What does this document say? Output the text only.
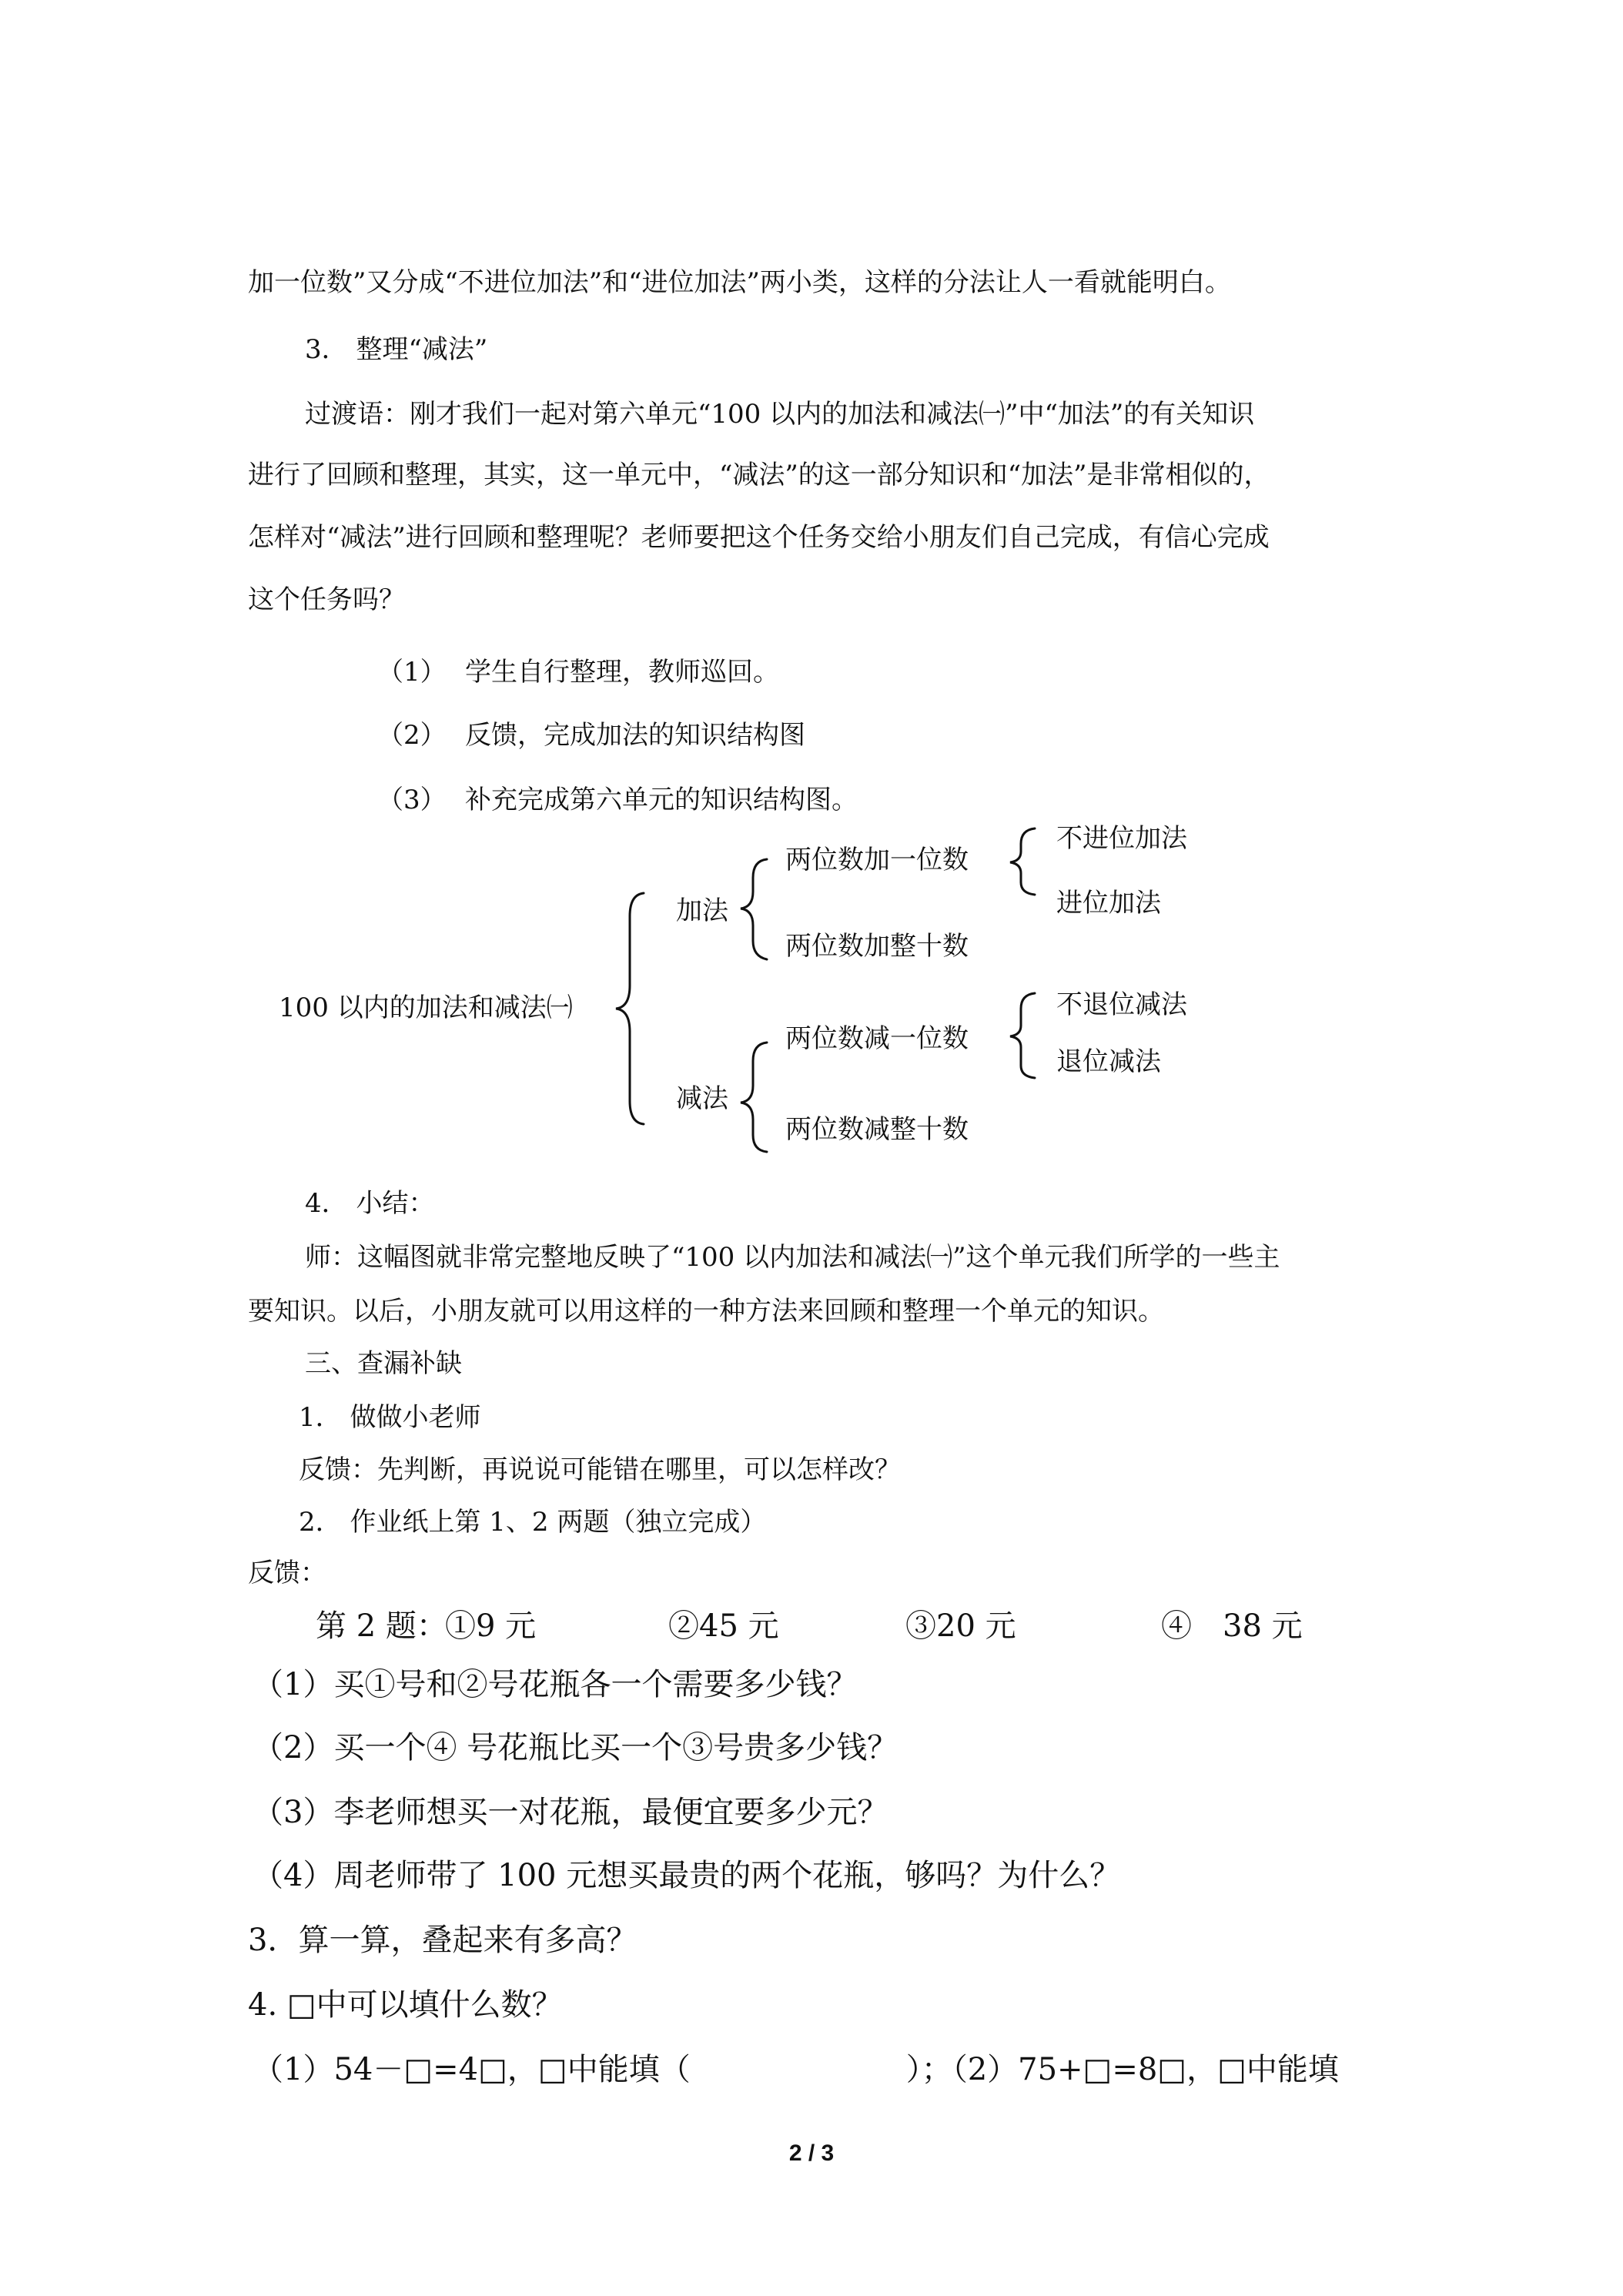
加一位数”又分成“不进位加法”和“进位加法”两小类，这样的分法让人一看就能明白。
3． 整理“减法”
过渡语：刚才我们一起对第六单元“100 以内的加法和减法㈠”中“加法”的有关知识
进行了回顾和整理，其实，这一单元中，“减法”的这一部分知识和“加法”是非常相似的，
怎样对“减法”进行回顾和整理呢？老师要把这个任务交给小朋友们自己完成，有信心完成
这个任务吗？
（1） 学生自行整理，教师巡回。
（2） 反馈，完成加法的知识结构图
（3） 补充完成第六单元的知识结构图。
100 以内的加法和减法㈠
加法
减法
两位数加一位数
两位数加整十数
两位数减一位数
两位数减整十数
不进位加法
进位加法
不退位减法
退位减法
4． 小结：
师：这幅图就非常完整地反映了“100 以内加法和减法㈠”这个单元我们所学的一些主
要知识。以后，小朋友就可以用这样的一种方法来回顾和整理一个单元的知识。
三、查漏补缺
1． 做做小老师
反馈：先判断，再说说可能错在哪里，可以怎样改？
2． 作业纸上第 1、2 两题（独立完成）
反馈：
第 2 题：
①9 元	②45 元	③20 元	④　38 元
（1）买①号和②号花瓶各一个需要多少钱？
（2）买一个④ 号花瓶比买一个③号贵多少钱？
（3）李老师想买一对花瓶，最便宜要多少元？
（4）周老师带了 100 元想买最贵的两个花瓶，够吗？为什么？
3．算一算，叠起来有多高？
4. □中可以填什么数？
（1）54－□=4□，□中能填（　　　　　　　）；（2）75+□=8□，□中能填
2 / 3
